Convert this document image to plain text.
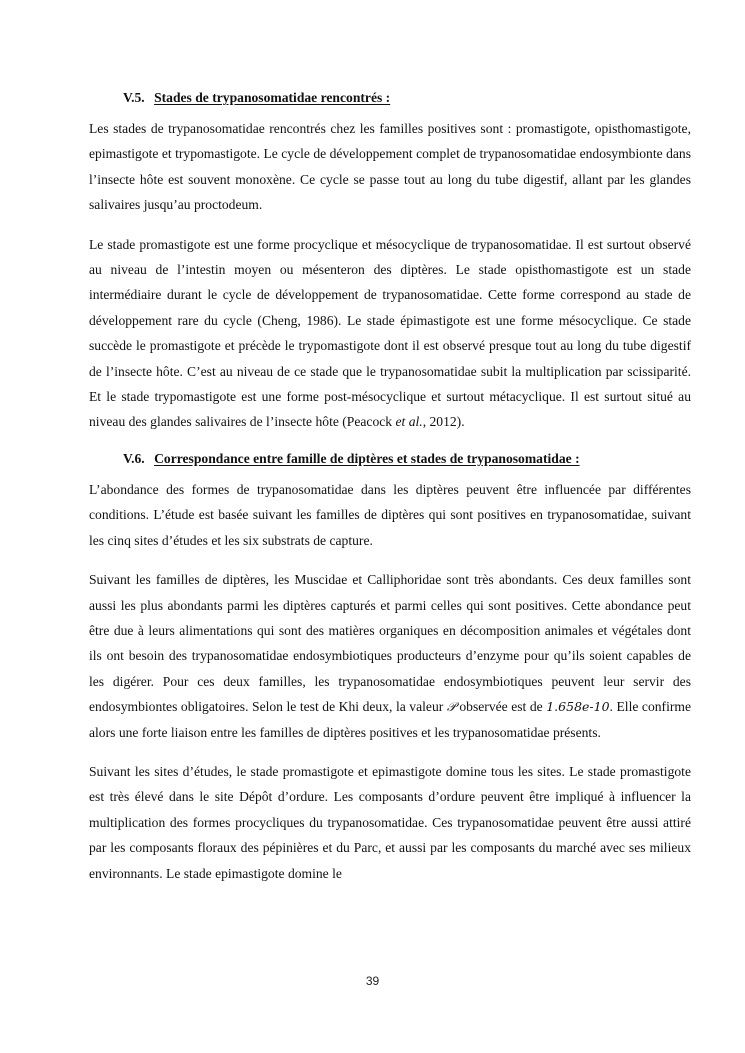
V.5. Stades de trypanosomatidae rencontrés :

Les stades de trypanosomatidae rencontrés chez les familles positives sont : promastigote, opisthomastigote, epimastigote et trypomastigote. Le cycle de développement complet de trypanosomatidae endosymbionte dans l’insecte hôte est souvent monoxène. Ce cycle se passe tout au long du tube digestif, allant par les glandes salivaires jusqu’au proctodeum.

Le stade promastigote est une forme procyclique et mésocyclique de trypanosomatidae. Il est surtout observé au niveau de l’intestin moyen ou mésenteron des diptères. Le stade opisthomastigote est un stade intermédiaire durant le cycle de développement de trypanosomatidae. Cette forme correspond au stade de développement rare du cycle (Cheng, 1986). Le stade épimastigote est une forme mésocyclique. Ce stade succède le promastigote et précède le trypomastigote dont il est observé presque tout au long du tube digestif de l’insecte hôte. C’est au niveau de ce stade que le trypanosomatidae subit la multiplication par scissiparité. Et le stade trypomastigote est une forme post-mésocyclique et surtout métacyclique. Il est surtout situé au niveau des glandes salivaires de l’insecte hôte (Peacock et al., 2012).

V.6. Correspondance entre famille de diptères et stades de trypanosomatidae :

L’abondance des formes de trypanosomatidae dans les diptères peuvent être influencée par différentes conditions. L’étude est basée suivant les familles de diptères qui sont positives en trypanosomatidae, suivant les cinq sites d’études et les six substrats de capture.

Suivant les familles de diptères, les Muscidae et Calliphoridae sont très abondants. Ces deux familles sont aussi les plus abondants parmi les diptères capturés et parmi celles qui sont positives. Cette abondance peut être due à leurs alimentations qui sont des matières organiques en décomposition animales et végétales dont ils ont besoin des trypanosomatidae endosymbiotiques producteurs d’enzyme pour qu’ils soient capables de les digérer. Pour ces deux familles, les trypanosomatidae endosymbiotiques peuvent leur servir des endosymbiontes obligatoires. Selon le test de Khi deux, la valeur 𝒫 observée est de 1.658e-10. Elle confirme alors une forte liaison entre les familles de diptères positives et les trypanosomatidae présents.

Suivant les sites d’études, le stade promastigote et epimastigote domine tous les sites. Le stade promastigote est très élevé dans le site Dépôt d’ordure. Les composants d’ordure peuvent être impliqué à influencer la multiplication des formes procycliques du trypanosomatidae. Ces trypanosomatidae peuvent être aussi attiré par les composants floraux des pépinières et du Parc, et aussi par les composants du marché avec ses milieux environnants. Le stade epimastigote domine le

39
